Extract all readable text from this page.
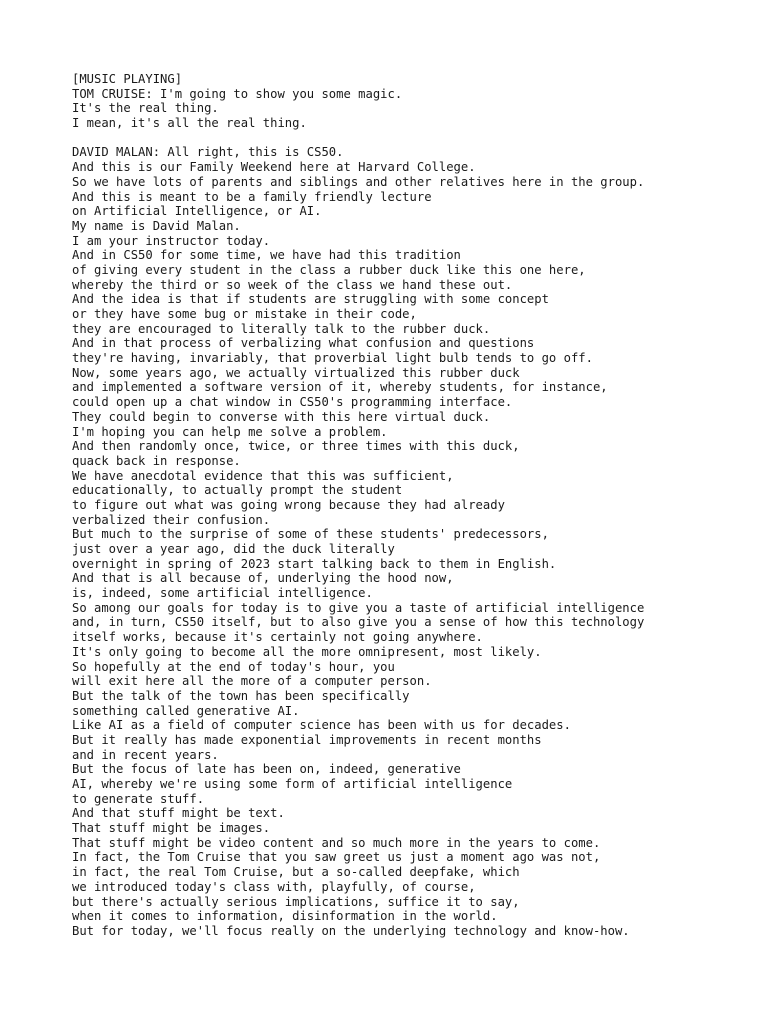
[MUSIC PLAYING]
TOM CRUISE: I'm going to show you some magic.
It's the real thing.
I mean, it's all the real thing.
DAVID MALAN: All right, this is CS50.
And this is our Family Weekend here at Harvard College.
So we have lots of parents and siblings and other relatives here in the group.
And this is meant to be a family friendly lecture
on Artificial Intelligence, or AI.
My name is David Malan.
I am your instructor today.
And in CS50 for some time, we have had this tradition
of giving every student in the class a rubber duck like this one here,
whereby the third or so week of the class we hand these out.
And the idea is that if students are struggling with some concept
or they have some bug or mistake in their code,
they are encouraged to literally talk to the rubber duck.
And in that process of verbalizing what confusion and questions
they're having, invariably, that proverbial light bulb tends to go off.
Now, some years ago, we actually virtualized this rubber duck
and implemented a software version of it, whereby students, for instance,
could open up a chat window in CS50's programming interface.
They could begin to converse with this here virtual duck.
I'm hoping you can help me solve a problem.
And then randomly once, twice, or three times with this duck,
quack back in response.
We have anecdotal evidence that this was sufficient,
educationally, to actually prompt the student
to figure out what was going wrong because they had already
verbalized their confusion.
But much to the surprise of some of these students' predecessors,
just over a year ago, did the duck literally
overnight in spring of 2023 start talking back to them in English.
And that is all because of, underlying the hood now,
is, indeed, some artificial intelligence.
So among our goals for today is to give you a taste of artificial intelligence
and, in turn, CS50 itself, but to also give you a sense of how this technology
itself works, because it's certainly not going anywhere.
It's only going to become all the more omnipresent, most likely.
So hopefully at the end of today's hour, you
will exit here all the more of a computer person.
But the talk of the town has been specifically
something called generative AI.
Like AI as a field of computer science has been with us for decades.
But it really has made exponential improvements in recent months
and in recent years.
But the focus of late has been on, indeed, generative
AI, whereby we're using some form of artificial intelligence
to generate stuff.
And that stuff might be text.
That stuff might be images.
That stuff might be video content and so much more in the years to come.
In fact, the Tom Cruise that you saw greet us just a moment ago was not,
in fact, the real Tom Cruise, but a so-called deepfake, which
we introduced today's class with, playfully, of course,
but there's actually serious implications, suffice it to say,
when it comes to information, disinformation in the world.
But for today, we'll focus really on the underlying technology and know-how.
